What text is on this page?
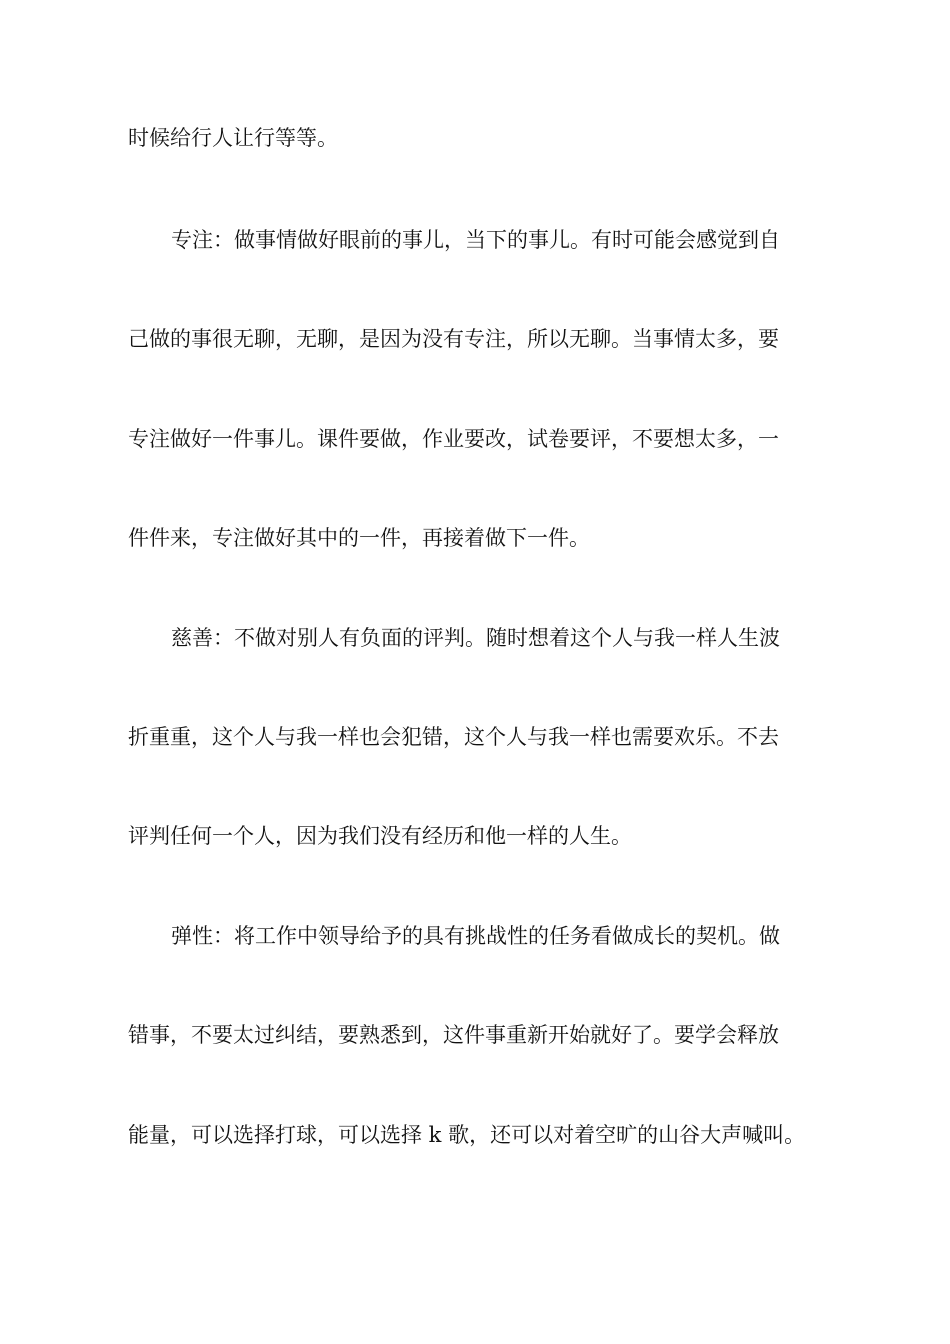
时候给行人让行等等。
专注：做事情做好眼前的事儿，当下的事儿。有时可能会感觉到自
己做的事很无聊，无聊，是因为没有专注，所以无聊。当事情太多，要
专注做好一件事儿。课件要做，作业要改，试卷要评，不要想太多，一
件件来，专注做好其中的一件，再接着做下一件。
慈善：不做对别人有负面的评判。随时想着这个人与我一样人生波
折重重，这个人与我一样也会犯错，这个人与我一样也需要欢乐。不去
评判任何一个人，因为我们没有经历和他一样的人生。
弹性：将工作中领导给予的具有挑战性的任务看做成长的契机。做
错事，不要太过纠结，要熟悉到，这件事重新开始就好了。要学会释放
能量，可以选择打球，可以选择 k 歌，还可以对着空旷的山谷大声喊叫。
